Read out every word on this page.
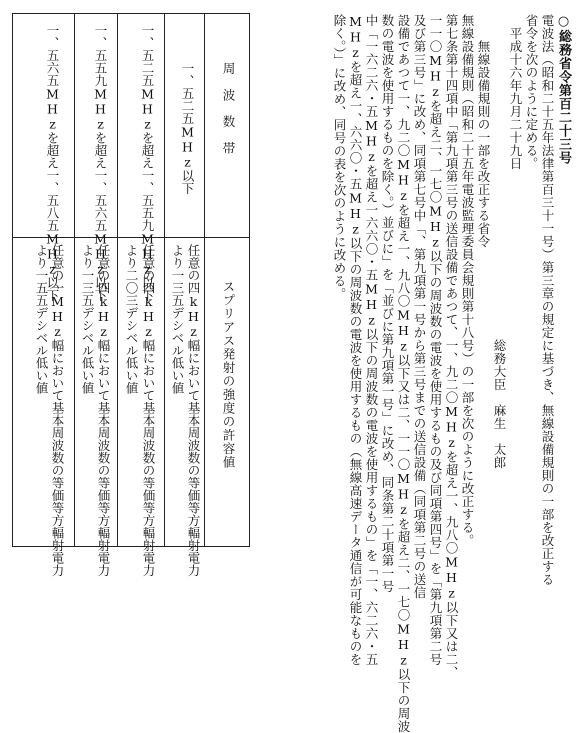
○総務省令第百二十三号
電波法（昭和二十五年法律第百三十一号）第三章の規定に基づき、無線設備規則の一部を改正する
省令を次のように定める。
　平成十六年九月二十九日
　　　　　　　　　　　　　　　　　　　　　　　　　総務大臣　麻生　太郎
　　無線設備規則の一部を改正する省令
無線設備規則（昭和二十五年電波監理委員会規則第十八号）の一部を次のように改正する。
第七条第十四項中「第九項第三号の送信設備であつて、一、九二〇MHzを超え一、九八〇MHz以下又は二、
一一〇MHzを超え二、一七〇MHz以下の周波数の電波を使用するもの及び同項第四号」を「第九項第二号
及び第三号」に改め、同項第七号中「、第九項第一号から第三号までの送信設備（同項第二号の送信
設備であつて一、九二〇MHzを超え一、九八〇MHz以下又は二、一一〇MHzを超え二、一七〇MHz以下の周波
数の電波を使用するものを除く。）並びに」を「並びに第九項第一号」に改め、同条第二十項第一号
中「一六二六・五MHzを超え一六六〇・五MHz以下の周波数の電波を使用するもの」を「一、六二六・五
MHzを超え一、六六〇・五MHz以下の周波数の電波を使用するもの（無線高速データ通信が可能なものを
除く。）」に改め、同号の表を次のように改める。
周波数帯
スプリアス発射の強度の許容値
一、五二五MHz以下
任意の四kHz幅において基本周波数の等価等方輻射電力
より一三五デシベル低い値
一、五二五MHzを超え一、五五九MHz以下
任意の四kHz幅において基本周波数の等価等方輻射電力
より二〇三デシベル低い値
一、五五九MHzを超え一、五六五MHz以下
任意の四kHz幅において基本周波数の等価等方輻射電力
より一三五デシベル低い値
一、五六五MHzを超え一、五八五MHz以下
任意の一MHz幅において基本周波数の等価等方輻射電力
より一五五デシベル低い値
